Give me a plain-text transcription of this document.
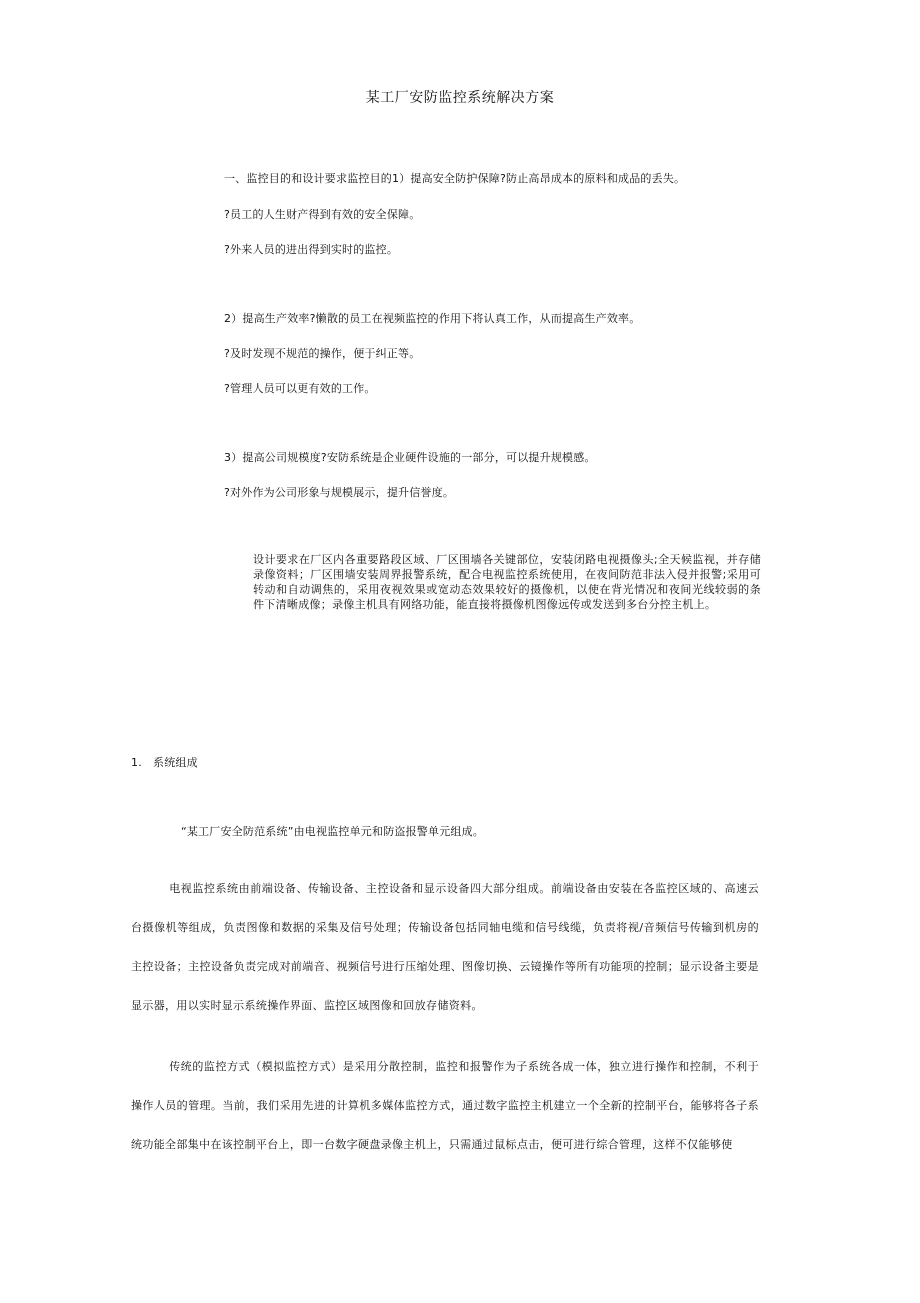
某工厂安防监控系统解决方案
一、监控目的和设计要求监控目的1）提高安全防护保障?防止高昂成本的原料和成品的丢失。
?员工的人生财产得到有效的安全保障。
?外来人员的进出得到实时的监控。
2）提高生产效率?懒散的员工在视频监控的作用下将认真工作，从而提高生产效率。
?及时发现不规范的操作，便于纠正等。
?管理人员可以更有效的工作。
3）提高公司规模度?安防系统是企业硬件设施的一部分，可以提升规模感。
?对外作为公司形象与规模展示，提升信誉度。
设计要求在厂区内各重要路段区域、厂区围墙各关键部位，安装闭路电视摄像头;全天候监视，并存储录像资料；厂区围墙安装周界报警系统，配合电视监控系统使用，在夜间防范非法入侵并报警;采用可转动和自动调焦的，采用夜视效果或宽动态效果较好的摄像机，以使在背光情况和夜间光线较弱的条件下清晰成像；录像主机具有网络功能，能直接将摄像机图像远传或发送到多台分控主机上。
1. 系统组成
“某工厂安全防范系统”由电视监控单元和防盗报警单元组成。
电视监控系统由前端设备、传输设备、主控设备和显示设备四大部分组成。前端设备由安装在各监控区域的、高速云台摄像机等组成，负责图像和数据的采集及信号处理；传输设备包括同轴电缆和信号线缆，负责将视/音频信号传输到机房的主控设备；主控设备负责完成对前端音、视频信号进行压缩处理、图像切换、云镜操作等所有功能项的控制；显示设备主要是显示器，用以实时显示系统操作界面、监控区域图像和回放存储资料。
传统的监控方式（模拟监控方式）是采用分散控制，监控和报警作为子系统各成一体，独立进行操作和控制，不利于操作人员的管理。当前，我们采用先进的计算机多媒体监控方式，通过数字监控主机建立一个全新的控制平台，能够将各子系统功能全部集中在该控制平台上，即一台数字硬盘录像主机上，只需通过鼠标点击，便可进行综合管理，这样不仅能够使
